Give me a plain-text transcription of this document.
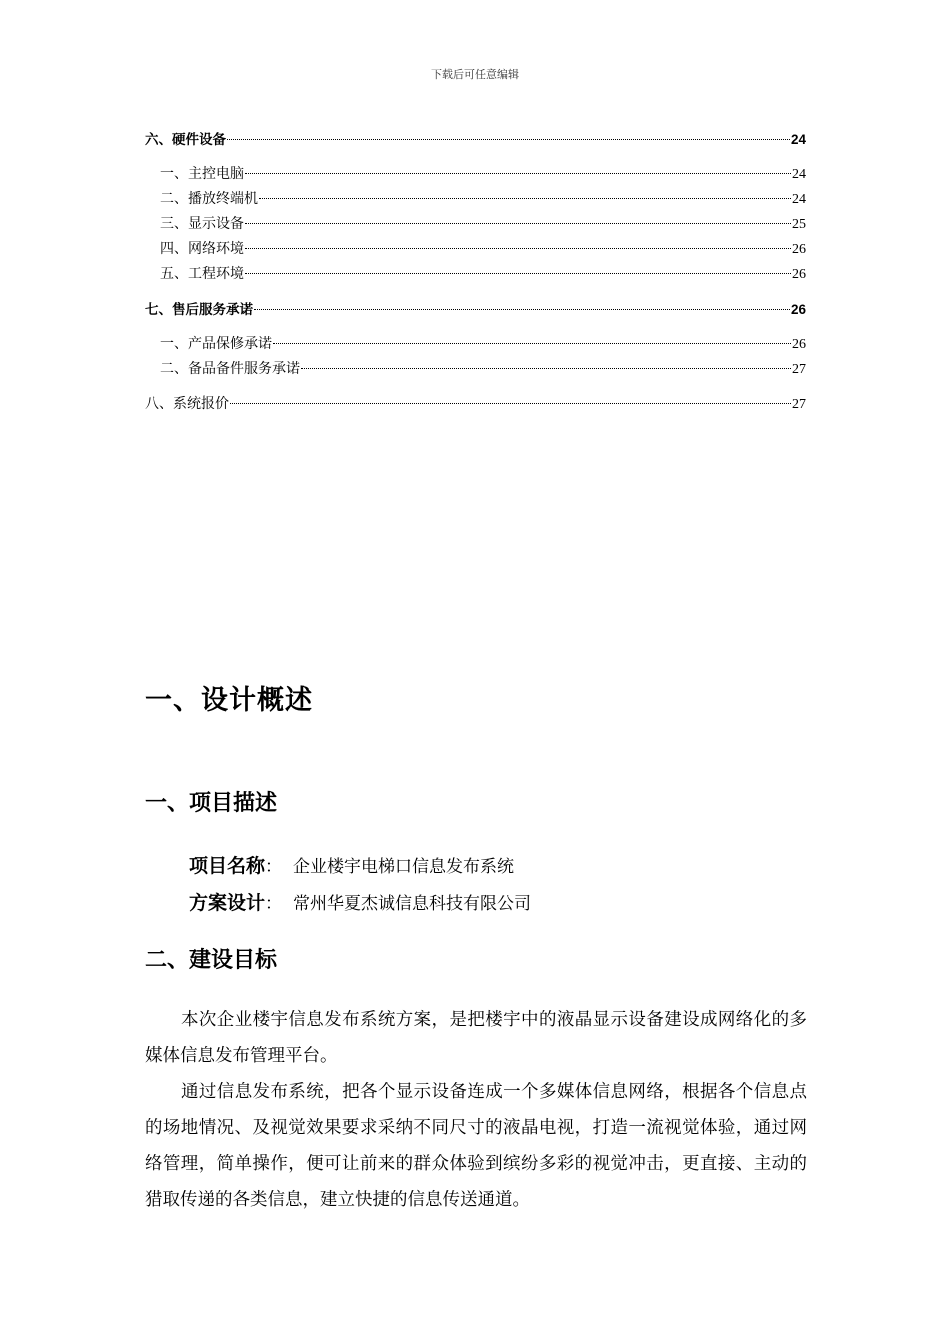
下载后可任意编辑
六、硬件设备	24
一、主控电脑	24
二、播放终端机	24
三、显示设备	25
四、网络环境	26
五、工程环境	26
七、售后服务承诺	26
一、产品保修承诺	26
二、备品备件服务承诺	27
八、系统报价	27
一、设计概述
一、项目描述
项目名称 ： 企业楼宇电梯口信息发布系统
方案设计 ： 常州华夏杰诚信息科技有限公司
二、建设目标

本次企业楼宇信息发布系统方案，是把楼宇中的液晶显示设备建设成网络化的多媒体信息发布管理平台。

通过信息发布系统，把各个显示设备连成一个多媒体信息网络，根据各个信息点的场地情况、及视觉效果要求采纳不同尺寸的液晶电视，打造一流视觉体验，通过网络管理，简单操作，便可让前来的群众体验到缤纷多彩的视觉冲击，更直接、主动的猎取传递的各类信息，建立快捷的信息传送通道。
